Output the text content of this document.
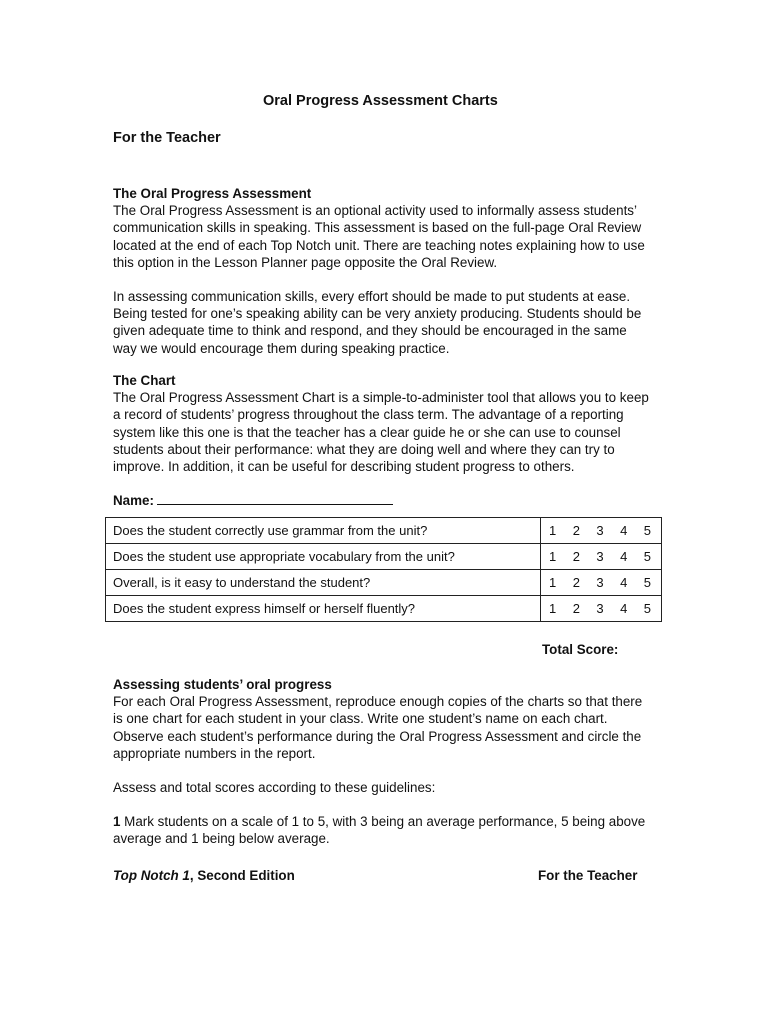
Oral Progress Assessment Charts
For the Teacher
The Oral Progress Assessment

The Oral Progress Assessment is an optional activity used to informally assess students’ communication skills in speaking. This assessment is based on the full-page Oral Review located at the end of each Top Notch unit. There are teaching notes explaining how to use this option in the Lesson Planner page opposite the Oral Review.

In assessing communication skills, every effort should be made to put students at ease. Being tested for one’s speaking ability can be very anxiety producing. Students should be given adequate time to think and respond, and they should be encouraged in the same way we would encourage them during speaking practice.

The Chart

The Oral Progress Assessment Chart is a simple-to-administer tool that allows you to keep a record of students’ progress throughout the class term. The advantage of a reporting system like this one is that the teacher has a clear guide he or she can use to counsel students about their performance: what they are doing well and where they can try to improve. In addition, it can be useful for describing student progress to others.

Name:
Does the student correctly use grammar from the unit?	1 2 3 4 5

Does the student use appropriate vocabulary from the unit?	1 2 3 4 5

Overall, is it easy to understand the student?	1 2 3 4 5

Does the student express himself or herself fluently?	1 2 3 4 5
Total Score:
Assessing students’ oral progress

For each Oral Progress Assessment, reproduce enough copies of the charts so that there is one chart for each student in your class. Write one student’s name on each chart. Observe each student’s performance during the Oral Progress Assessment and circle the appropriate numbers in the report.

Assess and total scores according to these guidelines:

1 Mark students on a scale of 1 to 5, with 3 being an average performance, 5 being above average and 1 being below average.

Top Notch 1, Second Edition	For the Teacher
